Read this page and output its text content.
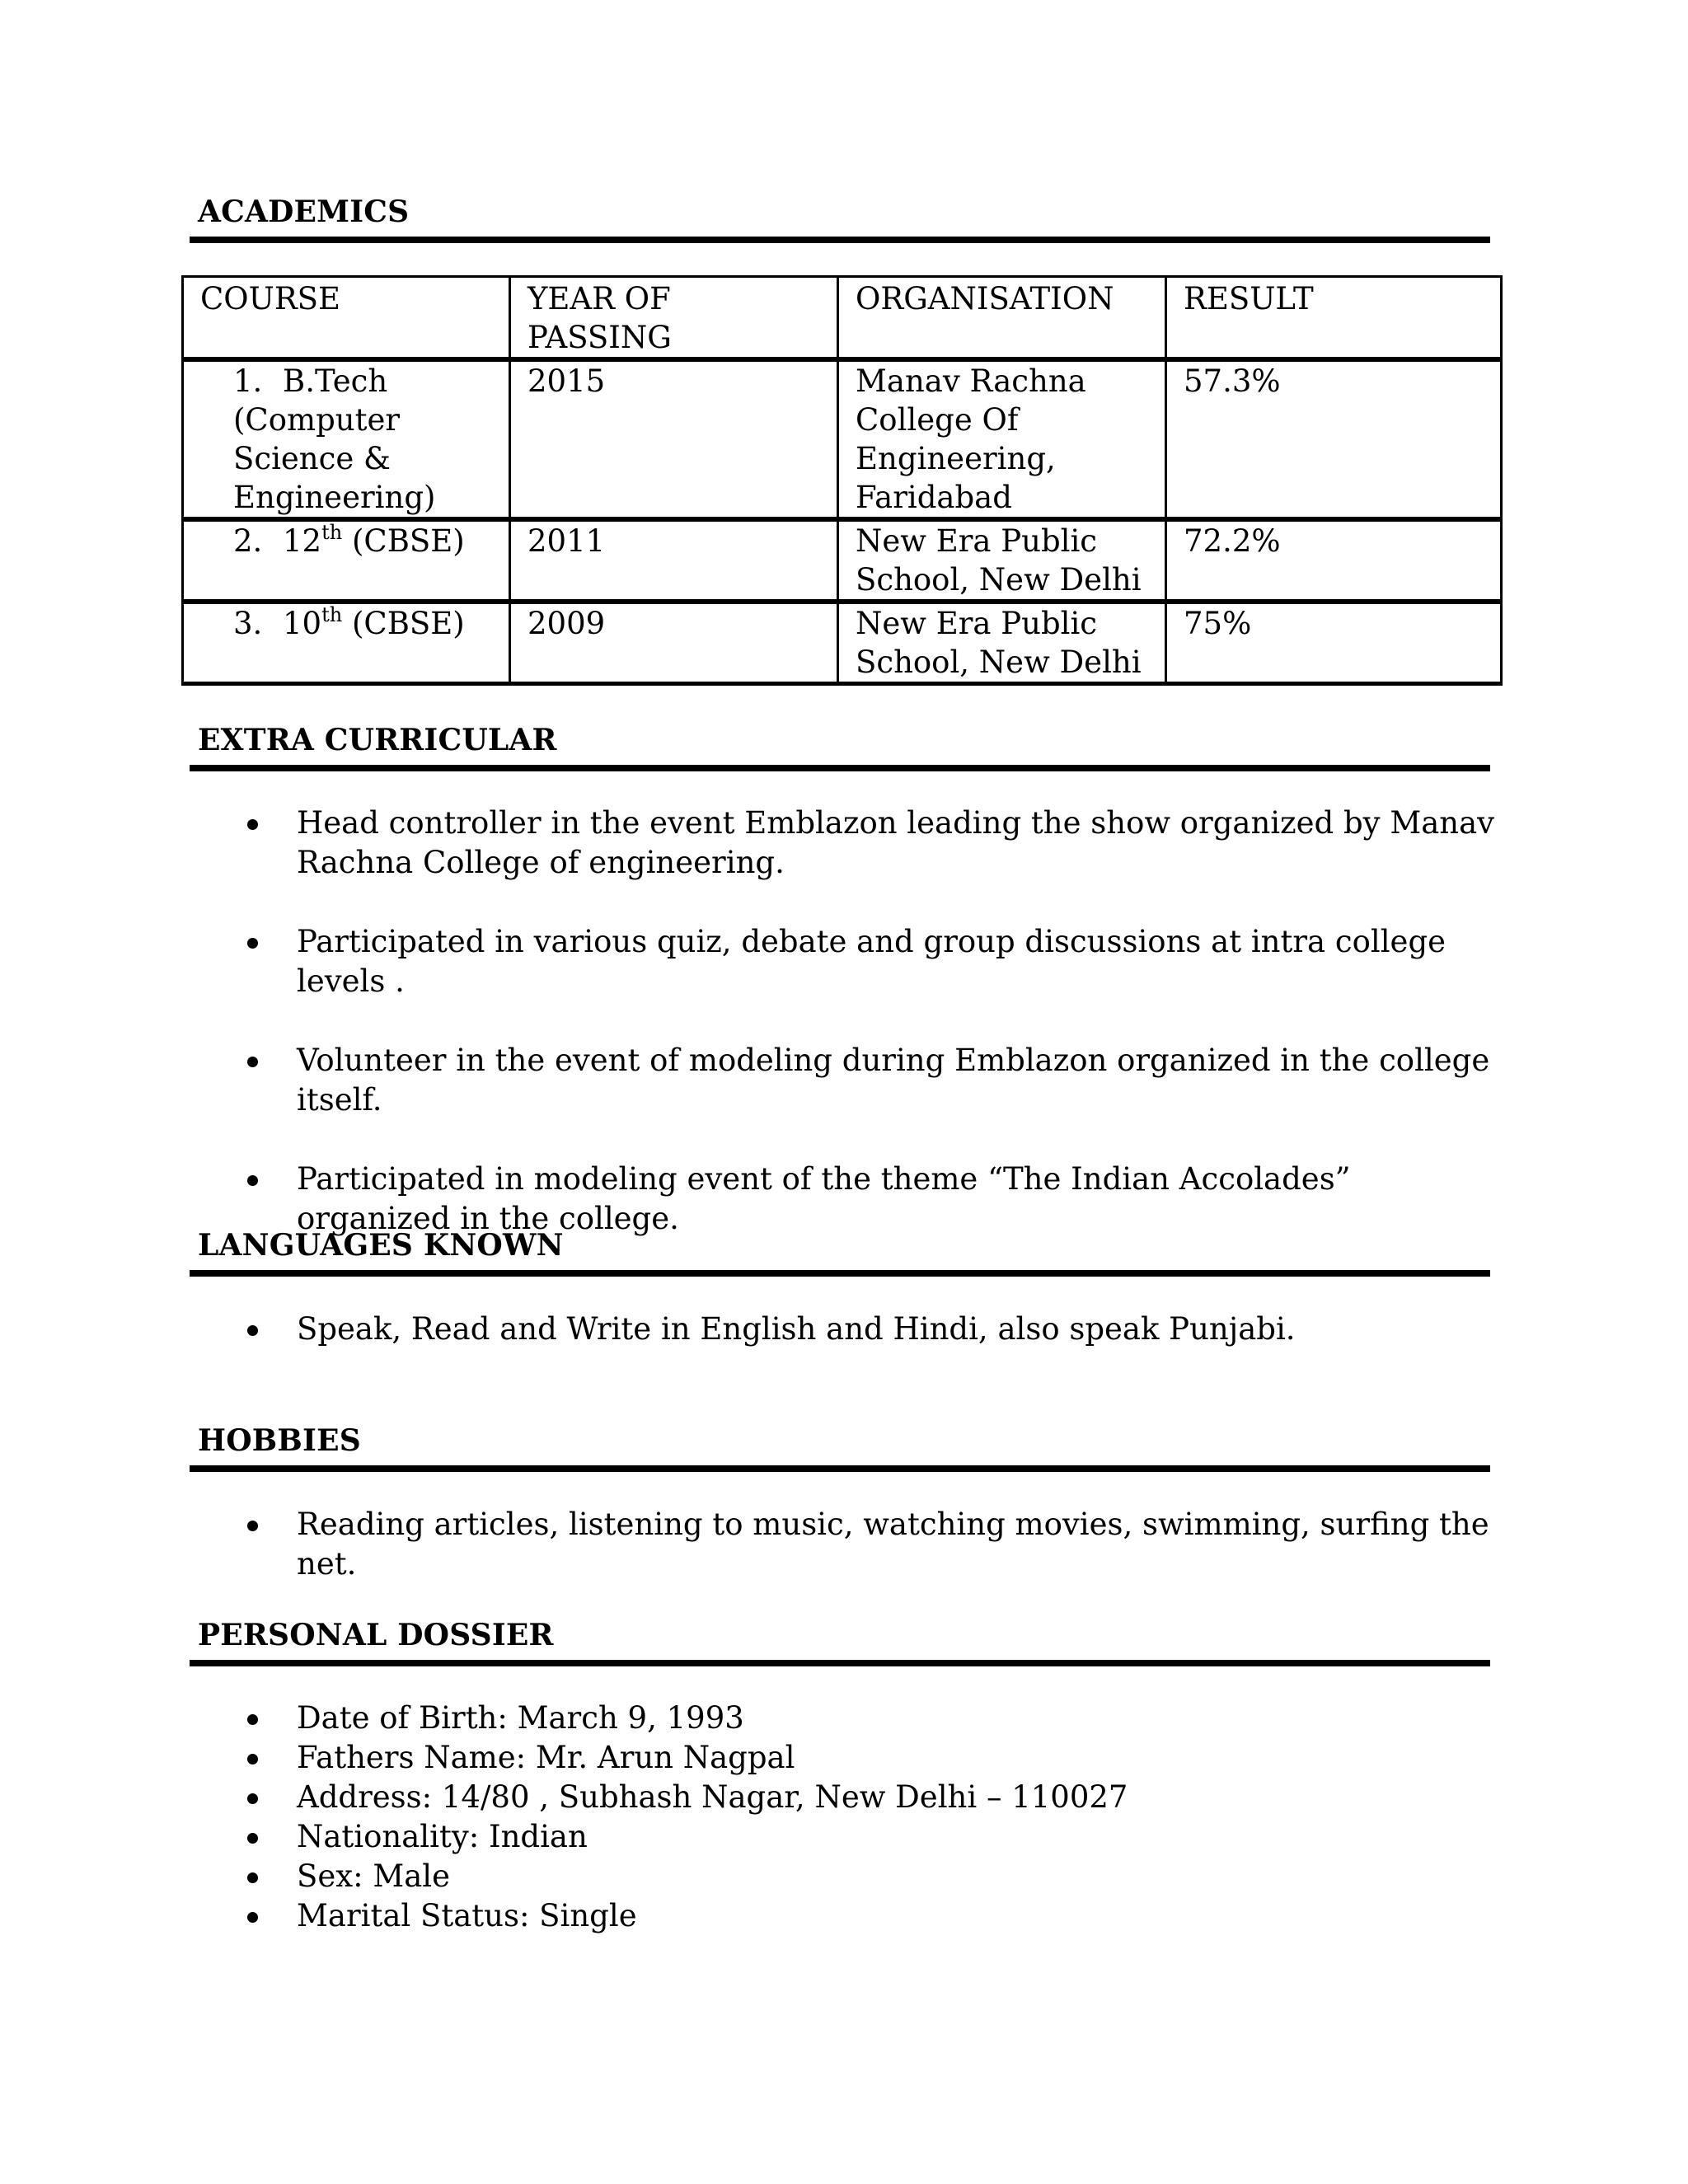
ACADEMICS
COURSE	YEAR OF PASSING	ORGANISATION	RESULT
1. B.Tech (Computer Science & Engineering)	2015	Manav Rachna College Of Engineering, Faridabad	57.3%
2. 12th (CBSE)	2011	New Era Public School, New Delhi	72.2%
3. 10th (CBSE)	2009	New Era Public School, New Delhi	75%
EXTRA CURRICULAR
Head controller in the event Emblazon leading the show organized by Manav Rachna College of engineering.
Participated in various quiz, debate and group discussions at intra college levels .
Volunteer in the event of modeling during Emblazon organized in the college itself.
Participated in modeling event of the theme “The Indian Accolades” organized in the college.
LANGUAGES KNOWN
Speak, Read and Write in English and Hindi, also speak Punjabi.
HOBBIES
Reading articles, listening to music, watching movies, swimming, surfing the net.
PERSONAL DOSSIER
Date of Birth: March 9, 1993
Fathers Name: Mr. Arun Nagpal
Address: 14/80 , Subhash Nagar, New Delhi – 110027
Nationality: Indian
Sex: Male
Marital Status: Single
